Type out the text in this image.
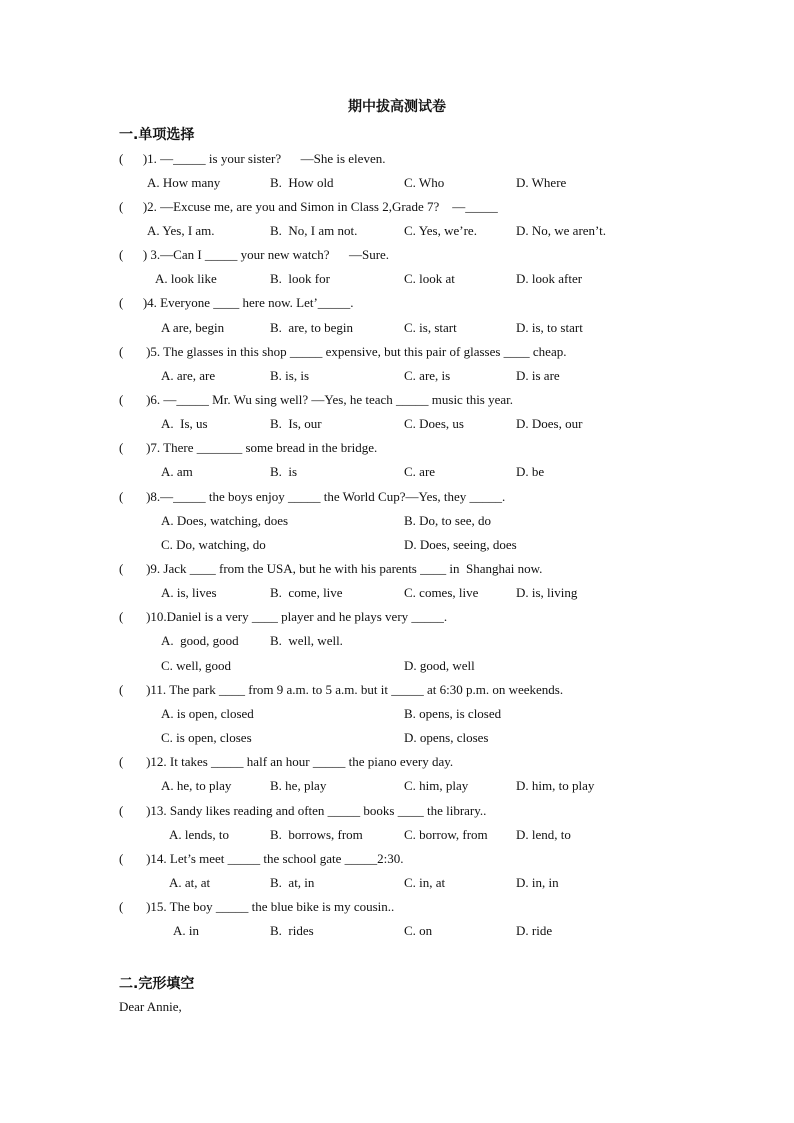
期中拔高测试卷
一.单项选择
(      )1. —_____ is your sister?      —She is eleven.
A. How many	B.  How old	C. Who	D. Where
(      )2. —Excuse me, are you and Simon in Class 2,Grade 7?    —_____
A. Yes, I am.	B.  No, I am not.	C. Yes, we’re.	D. No, we aren’t.
(      ) 3.—Can I _____ your new watch?      —Sure.
A. look like	B.  look for	C. look at	D. look after
(      )4. Everyone ____ here now. Let’_____.
A are, begin	B.  are, to begin	C. is, start	D. is, to start
(       )5. The glasses in this shop _____ expensive, but this pair of glasses ____ cheap.
A. are, are	B. is, is	C. are, is	D. is are
(       )6. —_____ Mr. Wu sing well? —Yes, he teach _____ music this year.
A.  Is, us	B.  Is, our	C. Does, us	D. Does, our
(       )7. There _______ some bread in the bridge.
A. am	B.  is	C. are	D. be
(       )8.—_____ the boys enjoy _____ the World Cup?—Yes, they _____.
A. Does, watching, does	B. Do, to see, do
C. Do, watching, do	D. Does, seeing, does
(       )9. Jack ____ from the USA, but he with his parents ____ in  Shanghai now.
A. is, lives	B.  come, live	C. comes, live	D. is, living
(       )10.Daniel is a very ____ player and he plays very _____.
A.  good, good B.  well, well.
C. well, good	D. good, well
(       )11. The park ____ from 9 a.m. to 5 a.m. but it _____ at 6:30 p.m. on weekends.
A. is open, closed	B. opens, is closed
C. is open, closes	D. opens, closes
(       )12. It takes _____ half an hour _____ the piano every day.
A. he, to play	B. he, play	C. him, play	D. him, to play
(       )13. Sandy likes reading and often _____ books ____ the library..
A. lends, to	B.  borrows, from	C. borrow, from D. lend, to
(       )14. Let’s meet _____ the school gate _____2:30.
A. at, at	B.  at, in	C. in, at	D. in, in
(       )15. The boy _____ the blue bike is my cousin..
A. in	B.  rides	C. on	D. ride
二.完形填空
Dear Annie,
